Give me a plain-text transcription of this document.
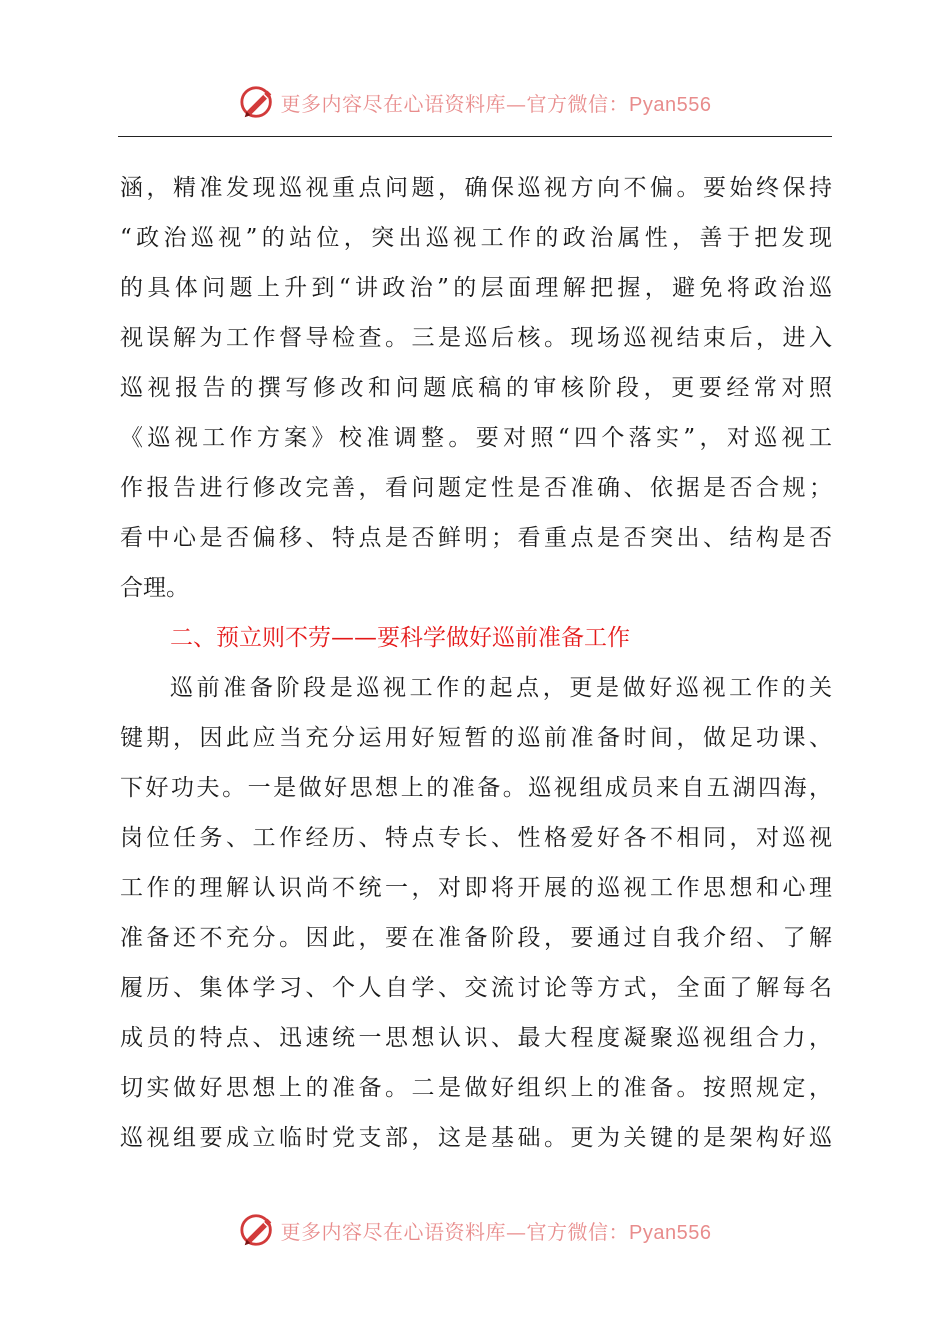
更多内容尽在心语资料库—官方微信：Pyan556
涵，精准发现巡视重点问题，确保巡视方向不偏。要始终保持
“政治巡视”的站位，突出巡视工作的政治属性，善于把发现
的具体问题上升到“讲政治”的层面理解把握，避免将政治巡
视误解为工作督导检查。三是巡后核。现场巡视结束后，进入
巡视报告的撰写修改和问题底稿的审核阶段，更要经常对照
《巡视工作方案》校准调整。要对照“四个落实”，对巡视工
作报告进行修改完善，看问题定性是否准确、依据是否合规；
看中心是否偏移、特点是否鲜明；看重点是否突出、结构是否
合理。
二、预立则不劳——要科学做好巡前准备工作
巡前准备阶段是巡视工作的起点，更是做好巡视工作的关
键期，因此应当充分运用好短暂的巡前准备时间，做足功课、
下好功夫。一是做好思想上的准备。巡视组成员来自五湖四海，
岗位任务、工作经历、特点专长、性格爱好各不相同，对巡视
工作的理解认识尚不统一，对即将开展的巡视工作思想和心理
准备还不充分。因此，要在准备阶段，要通过自我介绍、了解
履历、集体学习、个人自学、交流讨论等方式，全面了解每名
成员的特点、迅速统一思想认识、最大程度凝聚巡视组合力，
切实做好思想上的准备。二是做好组织上的准备。按照规定，
巡视组要成立临时党支部，这是基础。更为关键的是架构好巡
更多内容尽在心语资料库—官方微信：Pyan556
